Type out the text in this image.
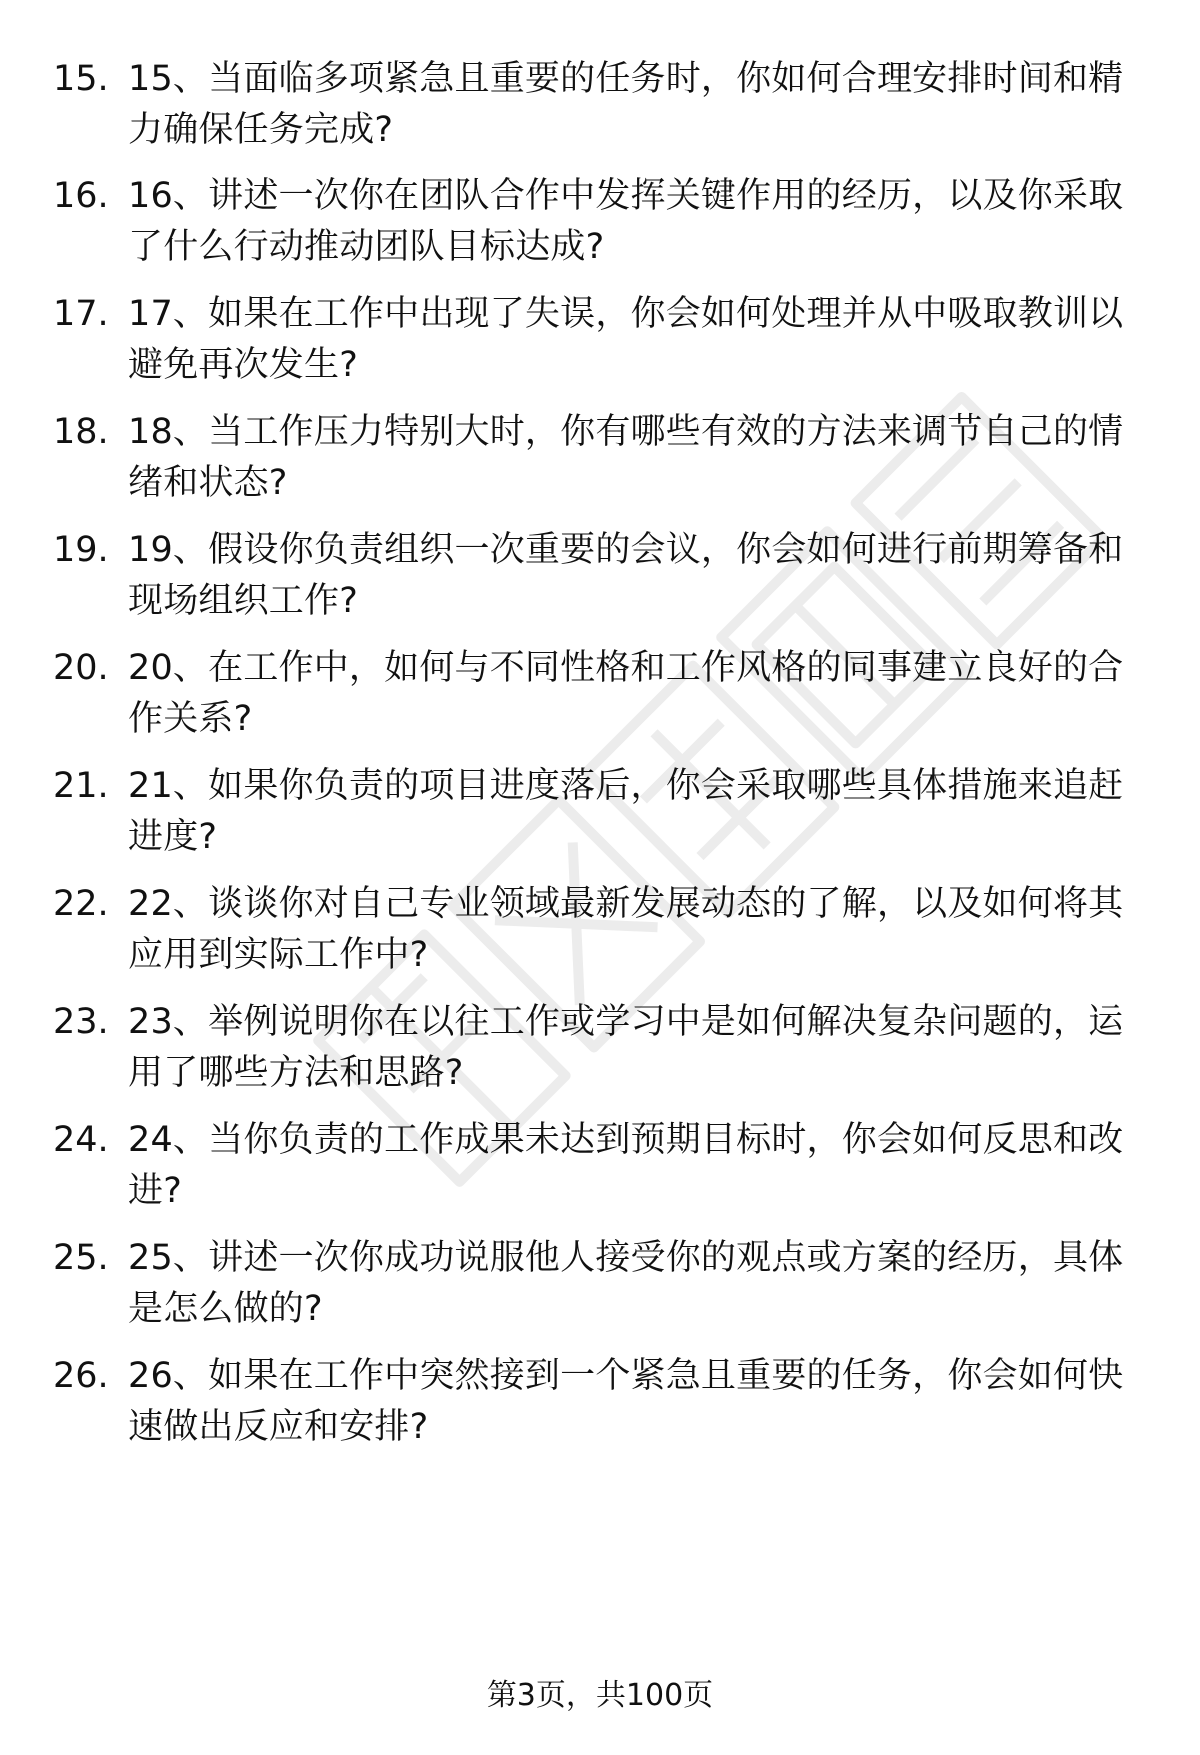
15. 15、当面临多项紧急且重要的任务时，你如何合理安排时间和精力确保任务完成?
16. 16、讲述一次你在团队合作中发挥关键作用的经历，以及你采取了什么行动推动团队目标达成?
17. 17、如果在工作中出现了失误，你会如何处理并从中吸取教训以避免再次发生?
18. 18、当工作压力特别大时，你有哪些有效的方法来调节自己的情绪和状态?
19. 19、假设你负责组织一次重要的会议，你会如何进行前期筹备和现场组织工作?
20. 20、在工作中，如何与不同性格和工作风格的同事建立良好的合作关系?
21. 21、如果你负责的项目进度落后，你会采取哪些具体措施来追赶进度?
22. 22、谈谈你对自己专业领域最新发展动态的了解，以及如何将其应用到实际工作中?
23. 23、举例说明你在以往工作或学习中是如何解决复杂问题的，运用了哪些方法和思路?
24. 24、当你负责的工作成果未达到预期目标时，你会如何反思和改进?
25. 25、讲述一次你成功说服他人接受你的观点或方案的经历，具体是怎么做的?
26. 26、如果在工作中突然接到一个紧急且重要的任务，你会如何快速做出反应和安排?
第3页，共100页
